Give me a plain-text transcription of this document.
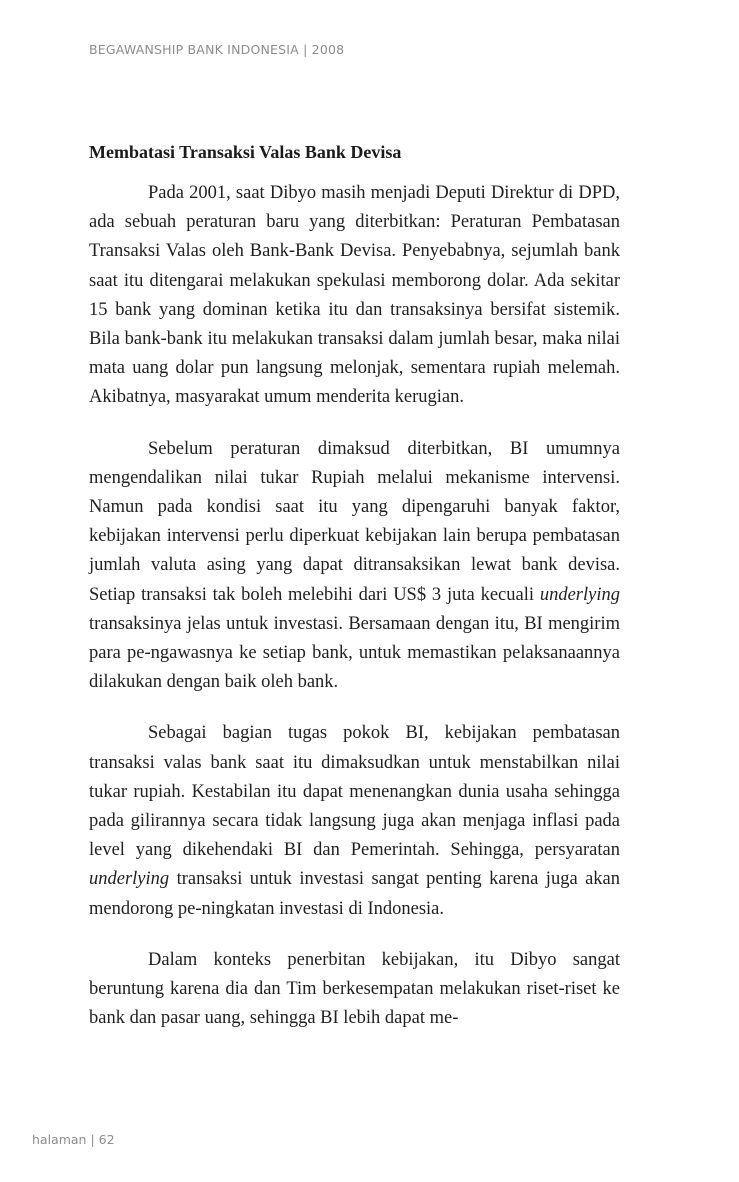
BEGAWANSHIP BANK INDONESIA | 2008
Membatasi Transaksi Valas Bank Devisa

Pada 2001, saat Dibyo masih menjadi Deputi Direktur di DPD, ada sebuah peraturan baru yang diterbitkan: Peraturan Pembatasan Transaksi Valas oleh Bank-Bank Devisa. Penyebabnya, sejumlah bank saat itu ditengarai melakukan spekulasi memborong dolar. Ada sekitar 15 bank yang dominan ketika itu dan transaksinya bersifat sistemik. Bila bank-bank itu melakukan transaksi dalam jumlah besar, maka nilai mata uang dolar pun langsung melonjak, sementara rupiah melemah. Akibatnya, masyarakat umum menderita kerugian.

Sebelum peraturan dimaksud diterbitkan, BI umumnya mengendalikan nilai tukar Rupiah melalui mekanisme intervensi. Namun pada kondisi saat itu yang dipengaruhi banyak faktor, kebijakan intervensi perlu diperkuat kebijakan lain berupa pembatasan jumlah valuta asing yang dapat ditransaksikan lewat bank devisa. Setiap transaksi tak boleh melebihi dari US$ 3 juta kecuali underlying transaksinya jelas untuk investasi. Bersamaan dengan itu, BI mengirim para pe-ngawasnya ke setiap bank, untuk memastikan pelaksanaannya dilakukan dengan baik oleh bank.

Sebagai bagian tugas pokok BI, kebijakan pembatasan transaksi valas bank saat itu dimaksudkan untuk menstabilkan nilai tukar rupiah. Kestabilan itu dapat menenangkan dunia usaha sehingga pada gilirannya secara tidak langsung juga akan menjaga inflasi pada level yang dikehendaki BI dan Pemerintah. Sehingga, persyaratan underlying transaksi untuk investasi sangat penting karena juga akan mendorong pe-ningkatan investasi di Indonesia.

Dalam konteks penerbitan kebijakan, itu Dibyo sangat beruntung karena dia dan Tim berkesempatan melakukan riset-riset ke bank dan pasar uang, sehingga BI lebih dapat me-

halaman | 62
